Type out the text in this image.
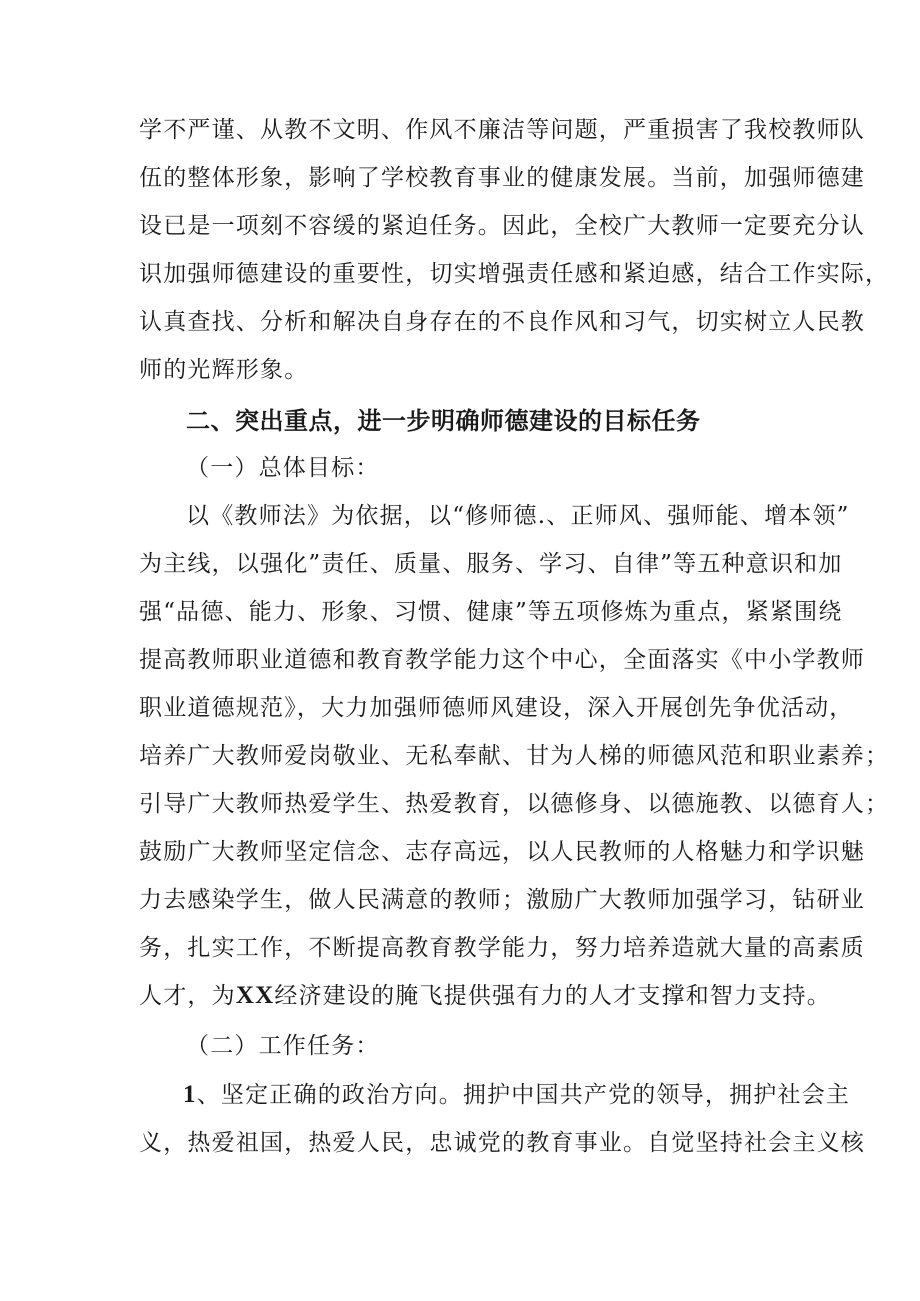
学不严谨、从教不文明、作风不廉洁等问题，严重损害了我校教师队
伍的整体形象，影响了学校教育事业的健康发展。当前，加强师德建
设已是一项刻不容缓的紧迫任务。因此，全校广大教师一定要充分认
识加强师德建设的重要性，切实增强责任感和紧迫感，结合工作实际，
认真查找、分析和解决自身存在的不良作风和习气，切实树立人民教
师的光辉形象。
二、突出重点，进一步明确师德建设的目标任务
（一）总体目标：
以《教师法》为依据，以“修师德.、正师风、强师能、增本领”
为主线，以强化”责任、质量、服务、学习、自律”等五种意识和加
强“品德、能力、形象、习惯、健康”等五项修炼为重点，紧紧围绕
提高教师职业道德和教育教学能力这个中心，全面落实《中小学教师
职业道德规范》，大力加强师德师风建设，深入开展创先争优活动，
培养广大教师爱岗敬业、无私奉献、甘为人梯的师德风范和职业素养；
引导广大教师热爱学生、热爱教育，以德修身、以德施教、以德育人；
鼓励广大教师坚定信念、志存高远，以人民教师的人格魅力和学识魅
力去感染学生，做人民满意的教师；激励广大教师加强学习，钻研业
务，扎实工作，不断提高教育教学能力，努力培养造就大量的高素质
人才，为XX经济建设的腌飞提供强有力的人才支撑和智力支持。
（二）工作任务：
1、坚定正确的政治方向。拥护中国共产党的领导，拥护社会主
义，热爱祖国，热爱人民，忠诚党的教育事业。自觉坚持社会主义核
